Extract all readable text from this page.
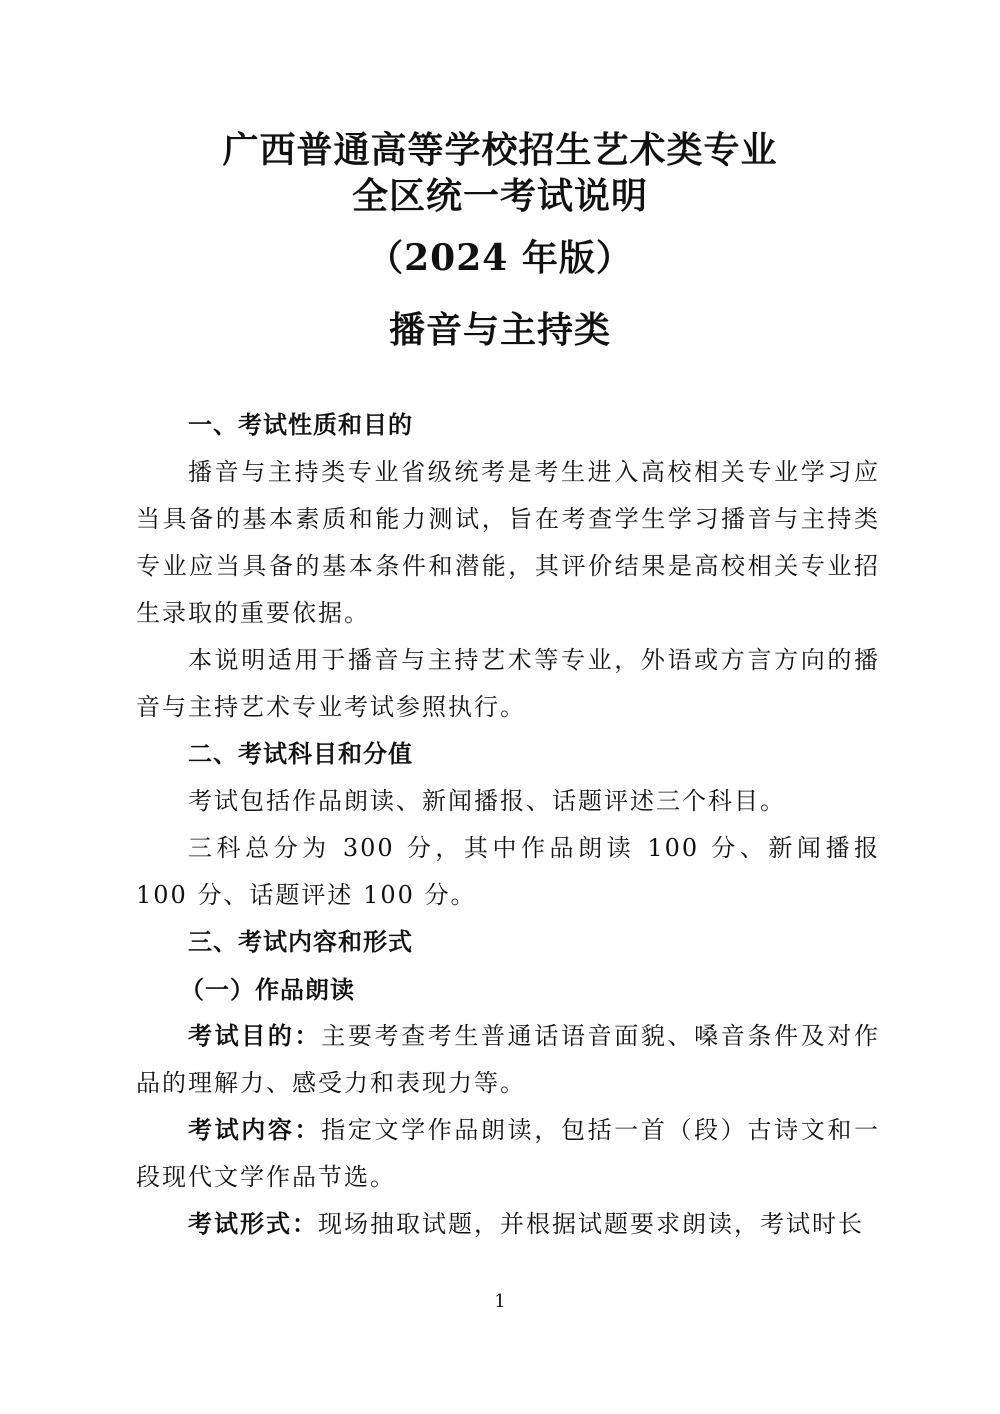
广西普通高等学校招生艺术类专业
全区统一考试说明
（2024 年版）
播音与主持类

一、考试性质和目的

播音与主持类专业省级统考是考生进入高校相关专业学习应当具备的基本素质和能力测试，旨在考查学生学习播音与主持类专业应当具备的基本条件和潜能，其评价结果是高校相关专业招生录取的重要依据。

本说明适用于播音与主持艺术等专业，外语或方言方向的播音与主持艺术专业考试参照执行。

二、考试科目和分值

考试包括作品朗读、新闻播报、话题评述三个科目。

三科总分为 300 分，其中作品朗读 100 分、新闻播报 100 分、话题评述 100 分。

三、考试内容和形式

（一）作品朗读

考试目的：主要考查考生普通话语音面貌、嗓音条件及对作品的理解力、感受力和表现力等。

考试内容：指定文学作品朗读，包括一首（段）古诗文和一段现代文学作品节选。

考试形式：现场抽取试题，并根据试题要求朗读，考试时长

1
